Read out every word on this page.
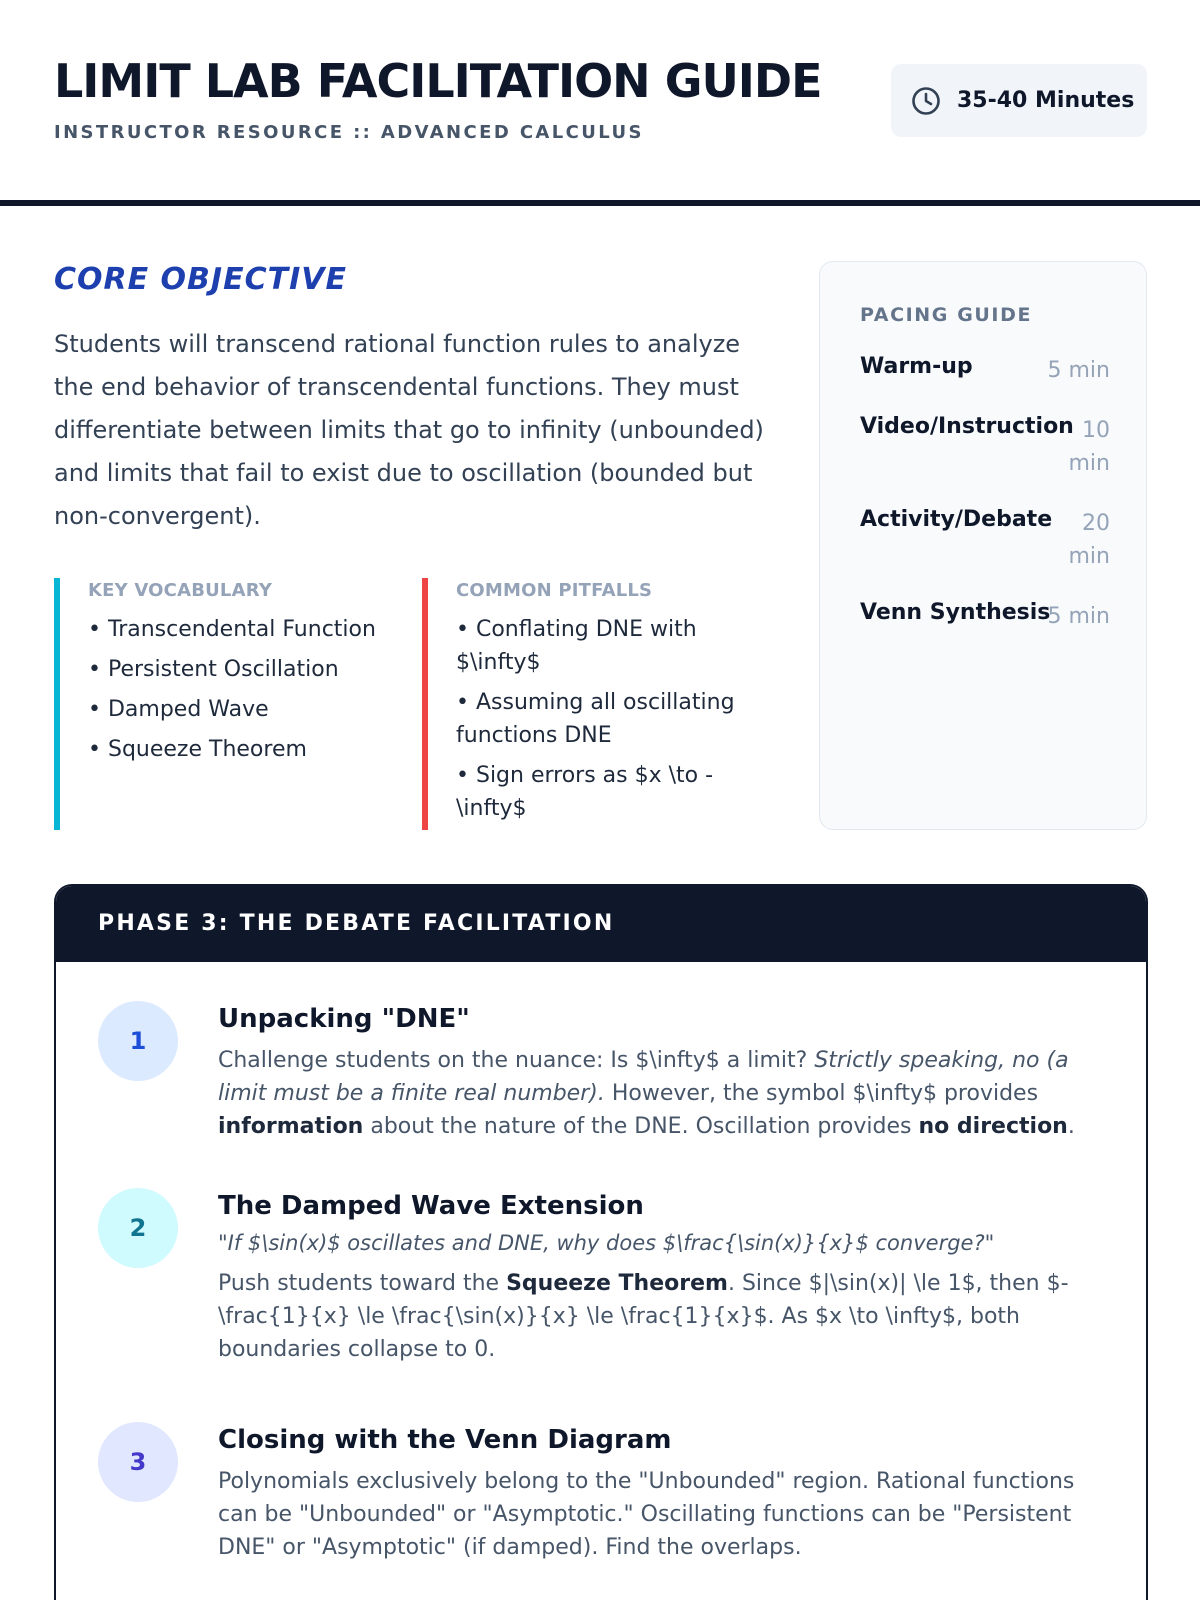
LIMIT LAB FACILITATION GUIDE
INSTRUCTOR RESOURCE :: ADVANCED CALCULUS
35-40 Minutes
CORE OBJECTIVE

Students will transcend rational function rules to analyze the end behavior of transcendental functions. They must differentiate between limits that go to infinity (unbounded) and limits that fail to exist due to oscillation (bounded but non-convergent).

KEY VOCABULARY
• Transcendental Function
• Persistent Oscillation
• Damped Wave
• Squeeze Theorem
COMMON PITFALLS
• Conflating DNE with $\infty$
• Assuming all oscillating functions DNE
• Sign errors as $x \to -\infty$
PACING GUIDE
Warm-up	5 min
Video/Instruction 10 min
Activity/Debate	20 min
Venn Synthesis
5 min
PHASE 3: THE DEBATE FACILITATION
1
Unpacking "DNE"
Challenge students on the nuance: Is $\infty$ a limit? Strictly speaking, no (a limit must be a finite real number). However, the symbol $\infty$ provides information about the nature of the DNE. Oscillation provides no direction.
2
The Damped Wave Extension
"If $\sin(x)$ oscillates and DNE, why does $\frac{\sin(x)}{x}$ converge?"
Push students toward the Squeeze Theorem. Since $|\sin(x)| \le 1$, then $-\frac{1}{x} \le \frac{\sin(x)}{x} \le \frac{1}{x}$. As $x \to \infty$, both boundaries collapse to 0.
3
Closing with the Venn Diagram
Polynomials exclusively belong to the "Unbounded" region. Rational functions can be "Unbounded" or "Asymptotic." Oscillating functions can be "Persistent DNE" or "Asymptotic" (if damped). Find the overlaps.
